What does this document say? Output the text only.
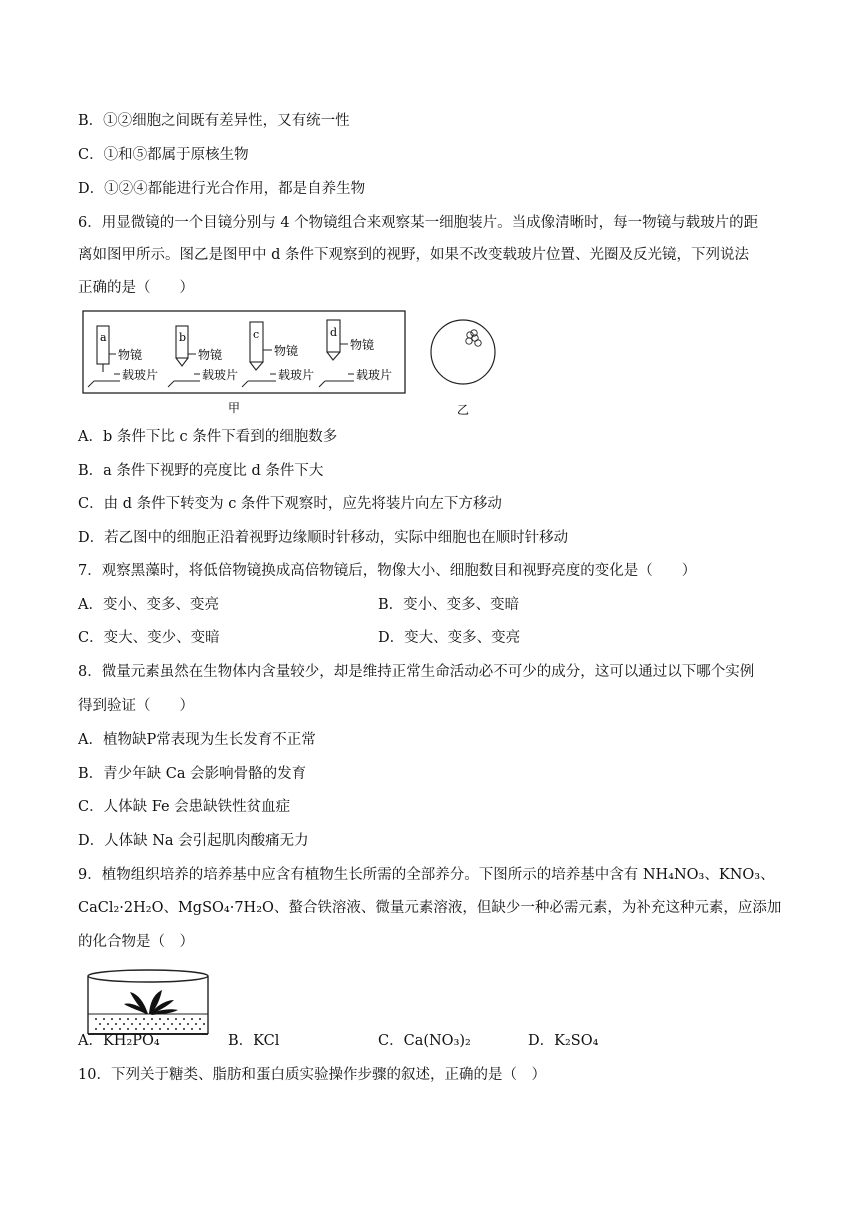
B．①②细胞之间既有差异性，又有统一性
C．①和⑤都属于原核生物
D．①②④都能进行光合作用，都是自养生物
6．用显微镜的一个目镜分别与 4 个物镜组合来观察某一细胞装片。当成像清晰时，每一物镜与载玻片的距
离如图甲所示。图乙是图甲中 d 条件下观察到的视野，如果不改变载玻片位置、光圈及反光镜，下列说法
正确的是（　　）
a
物镜
载玻片
b
物镜
载玻片
c
物镜
载玻片
d
物镜
载玻片
甲	乙
A．b 条件下比 c 条件下看到的细胞数多
B．a 条件下视野的亮度比 d 条件下大
C．由 d 条件下转变为 c 条件下观察时，应先将装片向左下方移动
D．若乙图中的细胞正沿着视野边缘顺时针移动，实际中细胞也在顺时针移动
7．观察黑藻时，将低倍物镜换成高倍物镜后，物像大小、细胞数目和视野亮度的变化是（　　）
A．变小、变多、变亮	B．变小、变多、变暗
C．变大、变少、变暗	D．变大、变多、变亮
8．微量元素虽然在生物体内含量较少，却是维持正常生命活动必不可少的成分，这可以通过以下哪个实例
得到验证（　　）
A．植物缺P常表现为生长发育不正常
B．青少年缺 Ca 会影响骨骼的发育
C．人体缺 Fe 会患缺铁性贫血症
D．人体缺 Na 会引起肌肉酸痛无力
9．植物组织培养的培养基中应含有植物生长所需的全部养分。下图所示的培养基中含有 NH₄NO₃、KNO₃、
CaCl₂·2H₂O、MgSO₄·7H₂O、螯合铁溶液、微量元素溶液，但缺少一种必需元素，为补充这种元素，应添加
的化合物是（　）
A．KH₂PO₄	B．KCl	C．Ca(NO₃)₂	D．K₂SO₄
10．下列关于糖类、脂肪和蛋白质实验操作步骤的叙述，正确的是（　）
